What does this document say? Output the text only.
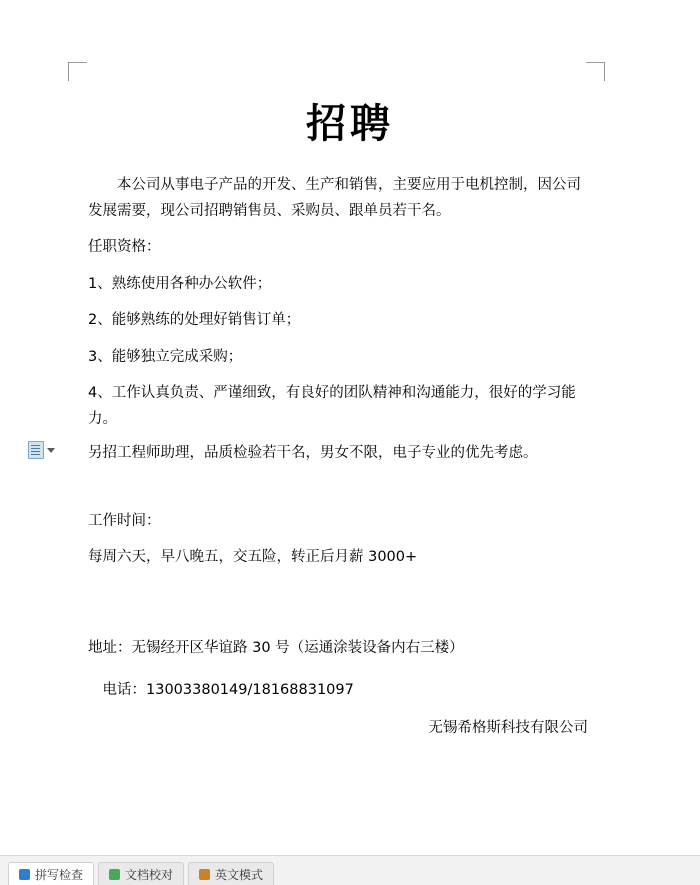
招聘
本公司从事电子产品的开发、生产和销售，主要应用于电机控制，因公司发展需要，现公司招聘销售员、采购员、跟单员若干名。
任职资格：
1、熟练使用各种办公软件；
2、能够熟练的处理好销售订单；
3、能够独立完成采购；
4、工作认真负责、严谨细致，有良好的团队精神和沟通能力，很好的学习能力。
另招工程师助理，品质检验若干名，男女不限，电子专业的优先考虑。
工作时间：
每周六天，早八晚五，交五险，转正后月薪 3000+
地址：无锡经开区华谊路 30 号（运通涂装设备内右三楼）
电话：13003380149/18168831097
无锡希格斯科技有限公司
拼写检查	文档校对	英文模式
